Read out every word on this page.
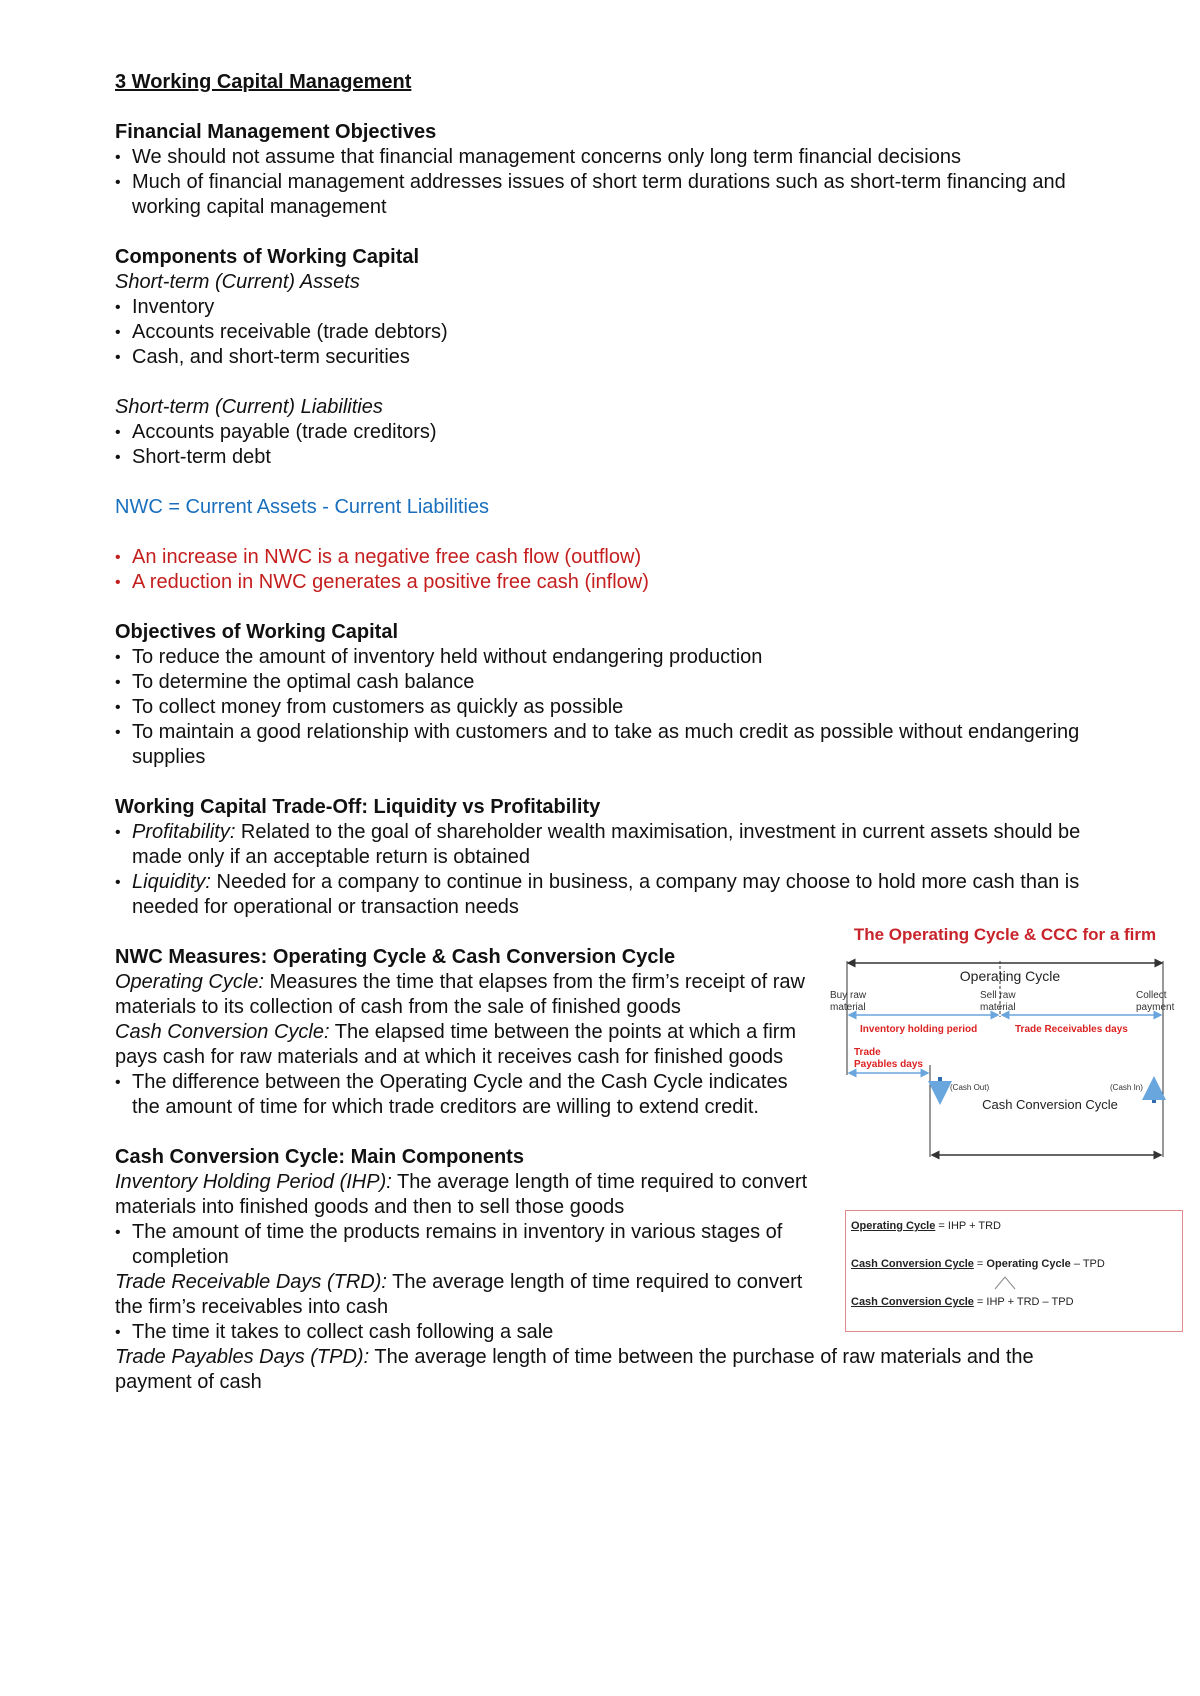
3 Working Capital Management

Financial Management Objectives

• We should not assume that financial management concerns only long term financial decisions
• Much of financial management addresses issues of short term durations such as short-term financing and working capital management

Components of Working Capital

Short-term (Current) Assets

• Inventory
• Accounts receivable (trade debtors)
• Cash, and short-term securities

Short-term (Current) Liabilities

• Accounts payable (trade creditors)
• Short-term debt

NWC = Current Assets - Current Liabilities

• An increase in NWC is a negative free cash flow (outflow)
• A reduction in NWC generates a positive free cash (inflow)

Objectives of Working Capital

• To reduce the amount of inventory held without endangering production
• To determine the optimal cash balance
• To collect money from customers as quickly as possible
• To maintain a good relationship with customers and to take as much credit as possible without endangering supplies

Working Capital Trade-Off: Liquidity vs Profitability

• Profitability: Related to the goal of shareholder wealth maximisation, investment in current assets should be made only if an acceptable return is obtained
• Liquidity: Needed for a company to continue in business, a company may choose to hold more cash than is needed for operational or transaction needs

NWC Measures: Operating Cycle & Cash Conversion Cycle

Operating Cycle: Measures the time that elapses from the firm’s receipt of raw materials to its collection of cash from the sale of finished goods
Cash Conversion Cycle: The elapsed time between the points at which a firm pays cash for raw materials and at which it receives cash for finished goods
• The difference between the Operating Cycle and the Cash Cycle indicates the amount of time for which trade creditors are willing to extend credit.

Cash Conversion Cycle: Main Components

Inventory Holding Period (IHP): The average length of time required to convert materials into finished goods and then to sell those goods
• The amount of time the products remains in inventory in various stages of completion
Trade Receivable Days (TRD): The average length of time required to convert the firm’s receivables into cash
• The time it takes to collect cash following a sale
Trade Payables Days (TPD): The average length of time between the purchase of raw materials and the payment of cash
The Operating Cycle & CCC for a firm
Operating Cycle
Buy raw material
Sell raw material
Collect payment
Inventory holding period	Trade Receivables days
Trade Payables days
(Cash Out)	(Cash In)
Cash Conversion Cycle
Operating Cycle = IHP + TRD
Cash Conversion Cycle = Operating Cycle – TPD
Cash Conversion Cycle = IHP + TRD – TPD
